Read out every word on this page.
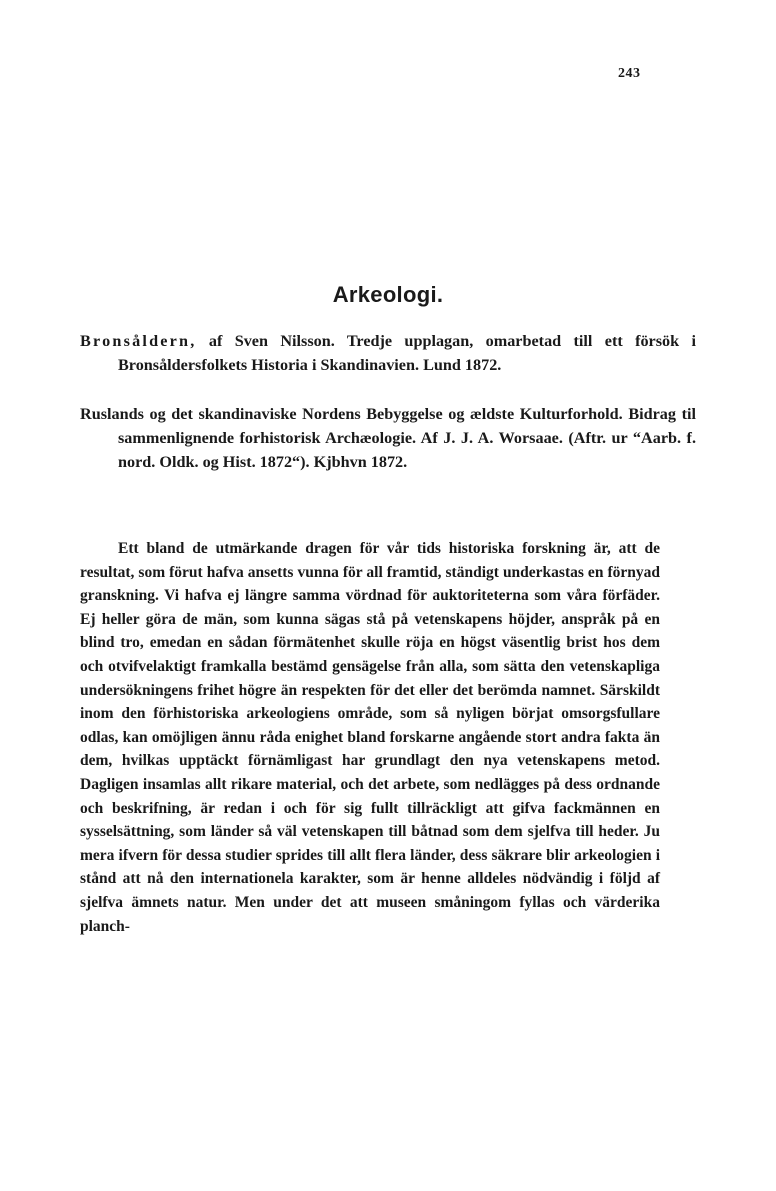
243
Arkeologi.
Bronsåldern, af Sven Nilsson. Tredje upplagan, omarbetad till ett försök i Bronsåldersfolkets Historia i Skandinavien. Lund 1872.
Ruslands og det skandinaviske Nordens Bebyggelse og ældste Kulturforhold. Bidrag til sammenlignende forhistorisk Archæologie. Af J. J. A. Worsaae. (Aftr. ur “Aarb. f. nord. Oldk. og Hist. 1872“). Kjbhvn 1872.

Ett bland de utmärkande dragen för vår tids historiska forskning är, att de resultat, som förut hafva ansetts vunna för all framtid, ständigt underkastas en förnyad granskning. Vi hafva ej längre samma vördnad för auktoriteterna som våra förfäder. Ej heller göra de män, som kunna sägas stå på vetenskapens höjder, anspråk på en blind tro, emedan en sådan förmätenhet skulle röja en högst väsentlig brist hos dem och otvifvelaktigt framkalla bestämd gensägelse från alla, som sätta den vetenskapliga undersökningens frihet högre än respekten för det eller det berömda namnet. Särskildt inom den förhistoriska arkeologiens område, som så nyligen börjat omsorgsfullare odlas, kan omöjligen ännu råda enighet bland forskarne angående stort andra fakta än dem, hvilkas upptäckt förnämligast har grundlagt den nya vetenskapens metod. Dagligen insamlas allt rikare material, och det arbete, som nedlägges på dess ordnande och beskrifning, är redan i och för sig fullt tillräckligt att gifva fackmännen en sysselsättning, som länder så väl vetenskapen till båtnad som dem sjelfva till heder. Ju mera ifvern för dessa studier sprides till allt flera länder, dess säkrare blir arkeologien i stånd att nå den internationela karakter, som är henne alldeles nödvändig i följd af sjelfva ämnets natur. Men under det att museen småningom fyllas och värderika planch-
